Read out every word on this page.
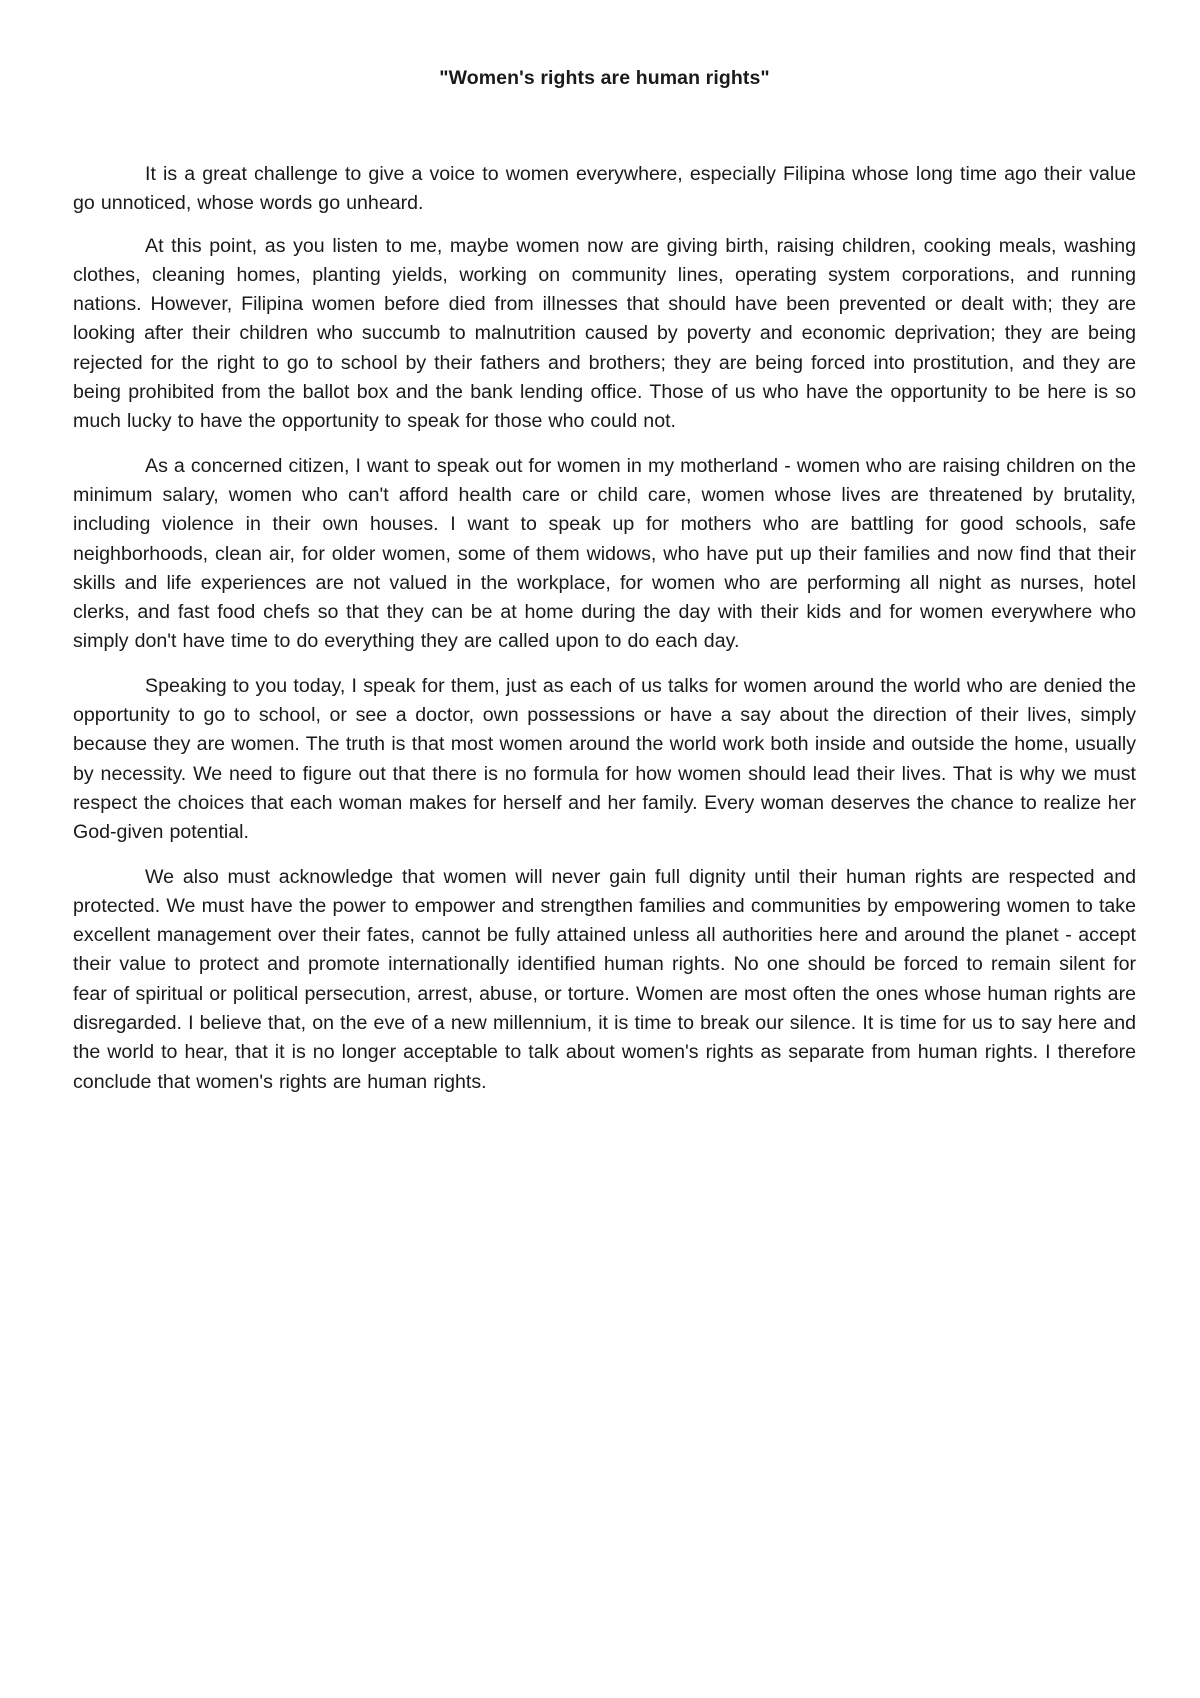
"Women's rights are human rights"

It is a great challenge to give a voice to women everywhere, especially Filipina whose long time ago their value go unnoticed, whose words go unheard.

At this point, as you listen to me, maybe women now are giving birth, raising children, cooking meals, washing clothes, cleaning homes, planting yields, working on community lines, operating system corporations, and running nations. However, Filipina women before died from illnesses that should have been prevented or dealt with; they are looking after their children who succumb to malnutrition caused by poverty and economic deprivation; they are being rejected for the right to go to school by their fathers and brothers; they are being forced into prostitution, and they are being prohibited from the ballot box and the bank lending office. Those of us who have the opportunity to be here is so much lucky to have the opportunity to speak for those who could not.

As a concerned citizen, I want to speak out for women in my motherland - women who are raising children on the minimum salary, women who can't afford health care or child care, women whose lives are threatened by brutality, including violence in their own houses. I want to speak up for mothers who are battling for good schools, safe neighborhoods, clean air, for older women, some of them widows, who have put up their families and now find that their skills and life experiences are not valued in the workplace, for women who are performing all night as nurses, hotel clerks, and fast food chefs so that they can be at home during the day with their kids and for women everywhere who simply don't have time to do everything they are called upon to do each day.

Speaking to you today, I speak for them, just as each of us talks for women around the world who are denied the opportunity to go to school, or see a doctor, own possessions or have a say about the direction of their lives, simply because they are women. The truth is that most women around the world work both inside and outside the home, usually by necessity. We need to figure out that there is no formula for how women should lead their lives. That is why we must respect the choices that each woman makes for herself and her family. Every woman deserves the chance to realize her God-given potential.

We also must acknowledge that women will never gain full dignity until their human rights are respected and protected. We must have the power to empower and strengthen families and communities by empowering women to take excellent management over their fates, cannot be fully attained unless all authorities here and around the planet - accept their value to protect and promote internationally identified human rights. No one should be forced to remain silent for fear of spiritual or political persecution, arrest, abuse, or torture. Women are most often the ones whose human rights are disregarded. I believe that, on the eve of a new millennium, it is time to break our silence. It is time for us to say here and the world to hear, that it is no longer acceptable to talk about women's rights as separate from human rights. I therefore conclude that women's rights are human rights.
